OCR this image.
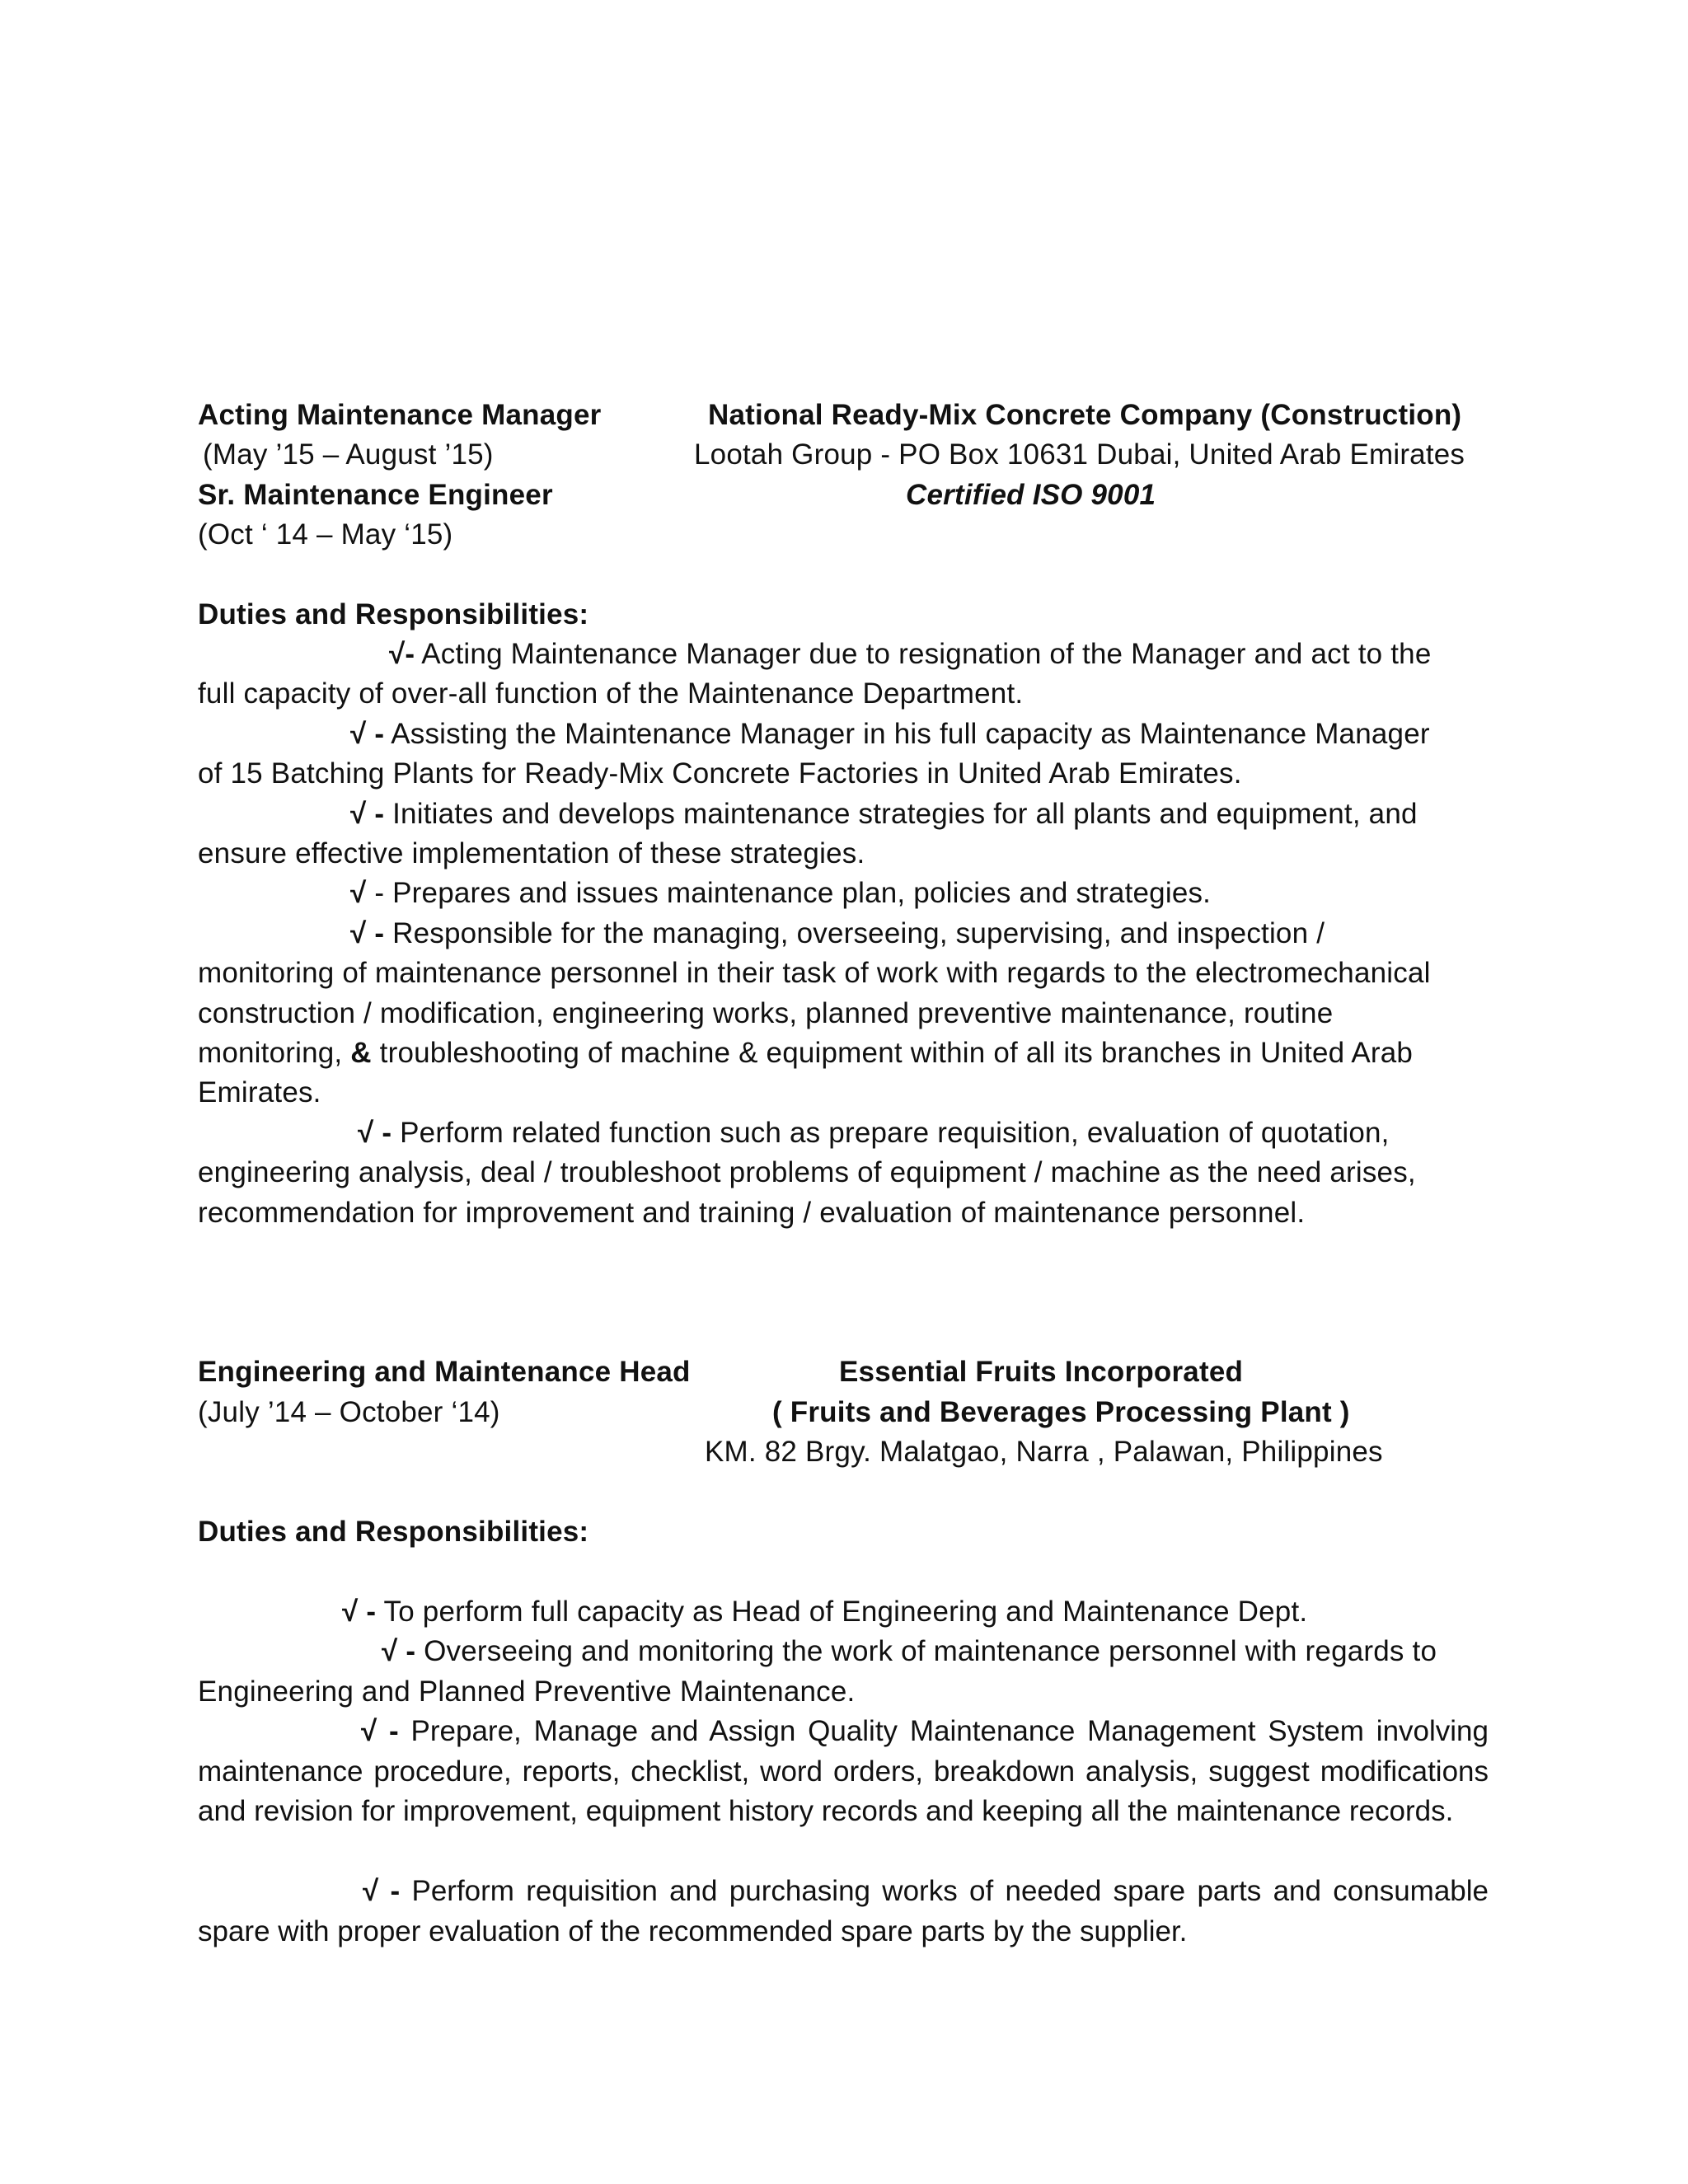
Acting Maintenance Manager	National Ready-Mix Concrete Company (Construction)
(May ’15 – August ’15)	Lootah Group - PO Box 10631 Dubai, United Arab Emirates
Sr. Maintenance Engineer	Certified ISO 9001
(Oct ‘ 14 – May ‘15)
Duties and Responsibilities:
√- Acting Maintenance Manager due to resignation of the Manager and act to the
full capacity of over-all function of the Maintenance Department.
√ - Assisting the Maintenance Manager in his full capacity as Maintenance Manager
of 15 Batching Plants for Ready-Mix Concrete Factories in United Arab Emirates.
√ - Initiates and develops maintenance strategies for all plants and equipment, and
ensure effective implementation of these strategies.
√ - Prepares and issues maintenance plan, policies and strategies.
√ - Responsible for the managing, overseeing, supervising, and inspection /
monitoring of maintenance personnel in their task of work with regards to the electromechanical
construction / modification, engineering works, planned preventive maintenance, routine
monitoring, & troubleshooting of machine & equipment within of all its branches in United Arab
Emirates.
√ - Perform related function such as prepare requisition, evaluation of quotation,
engineering analysis, deal / troubleshoot problems of equipment / machine as the need arises,
recommendation for improvement and training / evaluation of maintenance personnel.
Engineering and Maintenance Head	Essential Fruits Incorporated
(July ’14 – October ‘14)	( Fruits and Beverages Processing Plant )
KM. 82 Brgy. Malatgao, Narra , Palawan, Philippines
Duties and Responsibilities:
√ - To perform full capacity as Head of Engineering and Maintenance Dept.
√ - Overseeing and monitoring the work of maintenance personnel with regards to
Engineering and Planned Preventive Maintenance.
√ - Prepare, Manage and Assign Quality Maintenance Management System involving maintenance procedure, reports, checklist, word orders, breakdown analysis, suggest modifications and revision for improvement, equipment history records and keeping all the maintenance records.
√ - Perform requisition and purchasing works of needed spare parts and consumable spare with proper evaluation of the recommended spare parts by the supplier.
